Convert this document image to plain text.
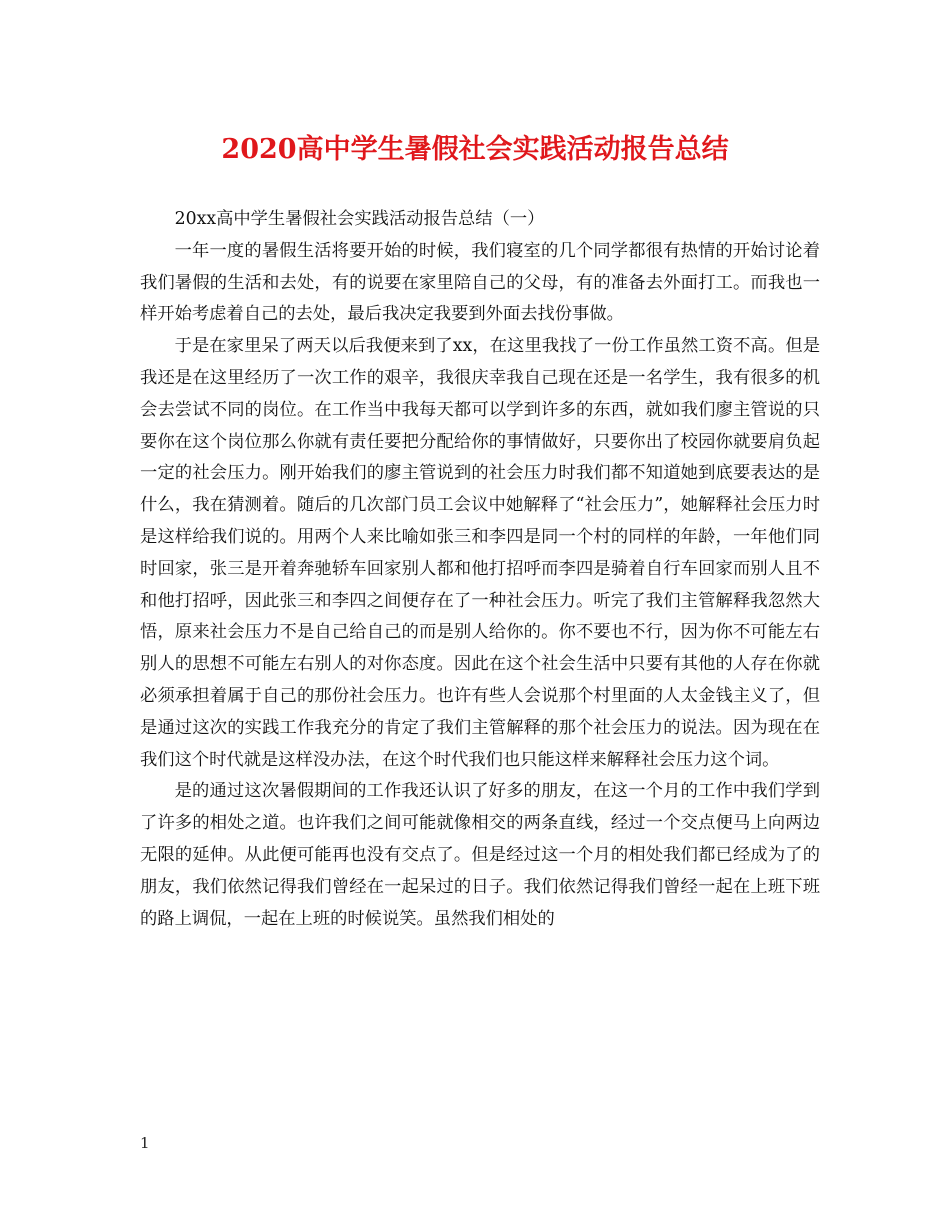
2020高中学生暑假社会实践活动报告总结

20xx高中学生暑假社会实践活动报告总结（一）

一年一度的暑假生活将要开始的时候，我们寝室的几个同学都很有热情的开始讨论着我们暑假的生活和去处，有的说要在家里陪自己的父母，有的准备去外面打工。而我也一样开始考虑着自己的去处，最后我决定我要到外面去找份事做。

于是在家里呆了两天以后我便来到了xx，在这里我找了一份工作虽然工资不高。但是我还是在这里经历了一次工作的艰辛，我很庆幸我自己现在还是一名学生，我有很多的机会去尝试不同的岗位。在工作当中我每天都可以学到许多的东西，就如我们廖主管说的只要你在这个岗位那么你就有责任要把分配给你的事情做好，只要你出了校园你就要肩负起一定的社会压力。刚开始我们的廖主管说到的社会压力时我们都不知道她到底要表达的是什么，我在猜测着。随后的几次部门员工会议中她解释了“社会压力”，她解释社会压力时是这样给我们说的。用两个人来比喻如张三和李四是同一个村的同样的年龄，一年他们同时回家，张三是开着奔驰轿车回家别人都和他打招呼而李四是骑着自行车回家而别人且不和他打招呼，因此张三和李四之间便存在了一种社会压力。听完了我们主管解释我忽然大悟，原来社会压力不是自己给自己的而是别人给你的。你不要也不行，因为你不可能左右别人的思想不可能左右别人的对你态度。因此在这个社会生活中只要有其他的人存在你就必须承担着属于自己的那份社会压力。也许有些人会说那个村里面的人太金钱主义了，但是通过这次的实践工作我充分的肯定了我们主管解释的那个社会压力的说法。因为现在在我们这个时代就是这样没办法，在这个时代我们也只能这样来解释社会压力这个词。

是的通过这次暑假期间的工作我还认识了好多的朋友，在这一个月的工作中我们学到了许多的相处之道。也许我们之间可能就像相交的两条直线，经过一个交点便马上向两边无限的延伸。从此便可能再也没有交点了。但是经过这一个月的相处我们都已经成为了的朋友，我们依然记得我们曾经在一起呆过的日子。我们依然记得我们曾经一起在上班下班的路上调侃，一起在上班的时候说笑。虽然我们相处的

1
